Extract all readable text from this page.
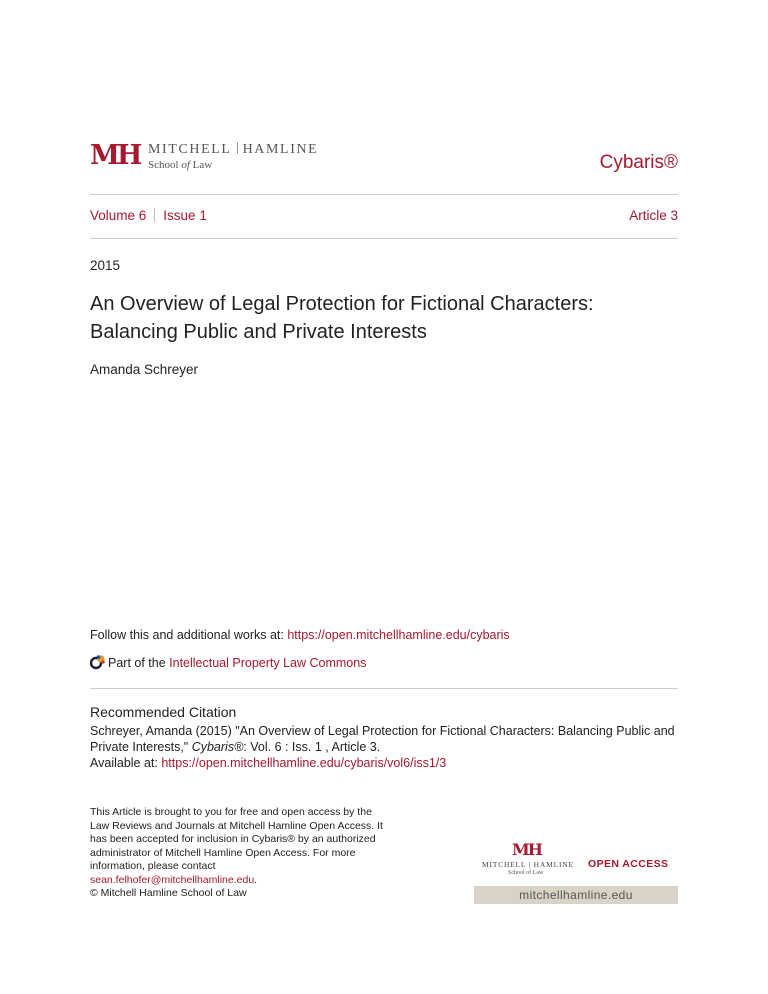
MH MITCHELL HAMLINE
School of Law	Cybaris®
Volume 6 Issue 1	Article 3
2015
An Overview of Legal Protection for Fictional Characters: Balancing Public and Private Interests
Amanda Schreyer
Follow this and additional works at: https://open.mitchellhamline.edu/cybaris
Part of the Intellectual Property Law Commons
Recommended Citation
Schreyer, Amanda (2015) "An Overview of Legal Protection for Fictional Characters: Balancing Public and Private Interests," Cybaris®: Vol. 6 : Iss. 1 , Article 3.
Available at: https://open.mitchellhamline.edu/cybaris/vol6/iss1/3
This Article is brought to you for free and open access by the Law Reviews and Journals at Mitchell Hamline Open Access. It has been accepted for inclusion in Cybaris® by an authorized administrator of Mitchell Hamline Open Access. For more information, please contact
sean.felhofer@mitchellhamline.edu.
© Mitchell Hamline School of Law
MH
MITCHELL | HAMLINE
School of Law
OPEN ACCESS
mitchellhamline.edu
